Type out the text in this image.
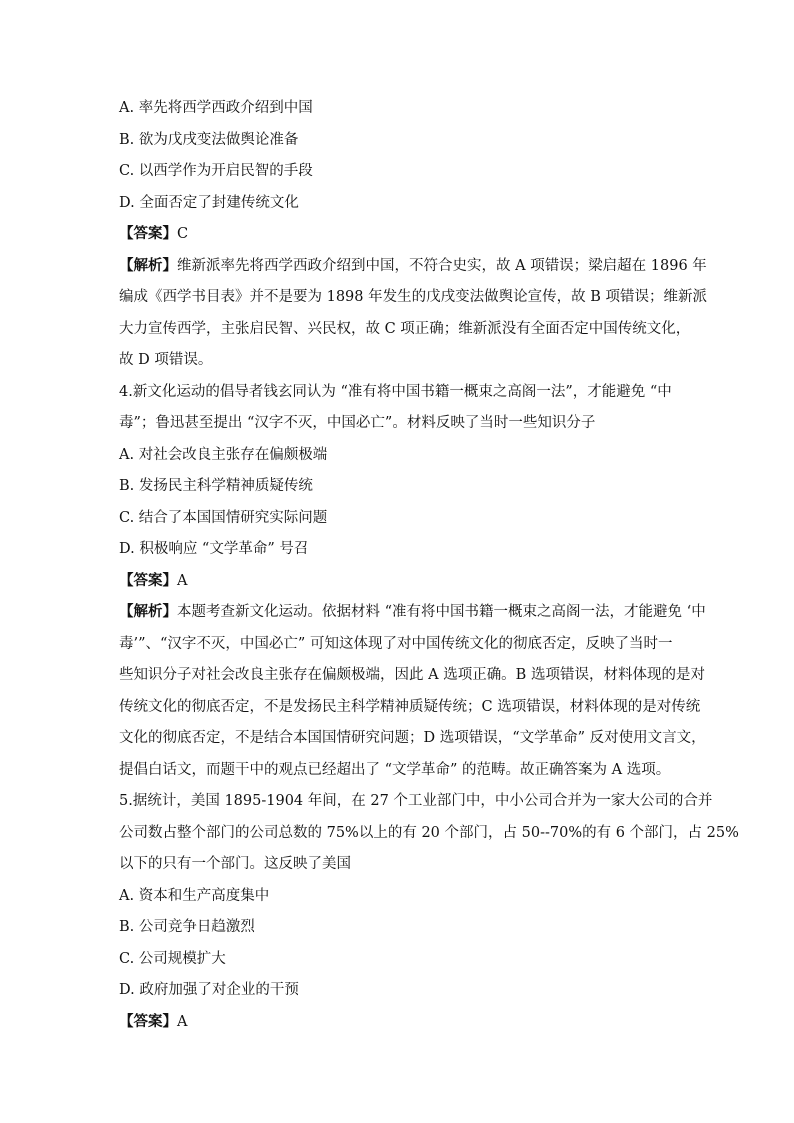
A. 率先将西学西政介绍到中国

B. 欲为戊戌变法做舆论准备

C. 以西学作为开启民智的手段

D. 全面否定了封建传统文化

【答案】C

【解析】维新派率先将西学西政介绍到中国，不符合史实，故 A 项错误；梁启超在 1896 年

编成《西学书目表》并不是要为 1898 年发生的戊戌变法做舆论宣传，故 B 项错误；维新派

大力宣传西学，主张启民智、兴民权，故 C 项正确；维新派没有全面否定中国传统文化，

故 D 项错误。

4.新文化运动的倡导者钱玄同认为 “准有将中国书籍一概束之高阁一法”，才能避免 “中

毒”；鲁迅甚至提出 “汉字不灭，中国必亡”。材料反映了当时一些知识分子

A. 对社会改良主张存在偏颇极端

B. 发扬民主科学精神质疑传统

C. 结合了本国国情研究实际问题

D. 积极响应 “文学革命” 号召

【答案】A

【解析】本题考查新文化运动。依据材料 “准有将中国书籍一概束之高阁一法，才能避免 ‘中

毒’”、“汉字不灭，中国必亡” 可知这体现了对中国传统文化的彻底否定，反映了当时一

些知识分子对社会改良主张存在偏颇极端，因此 A 选项正确。B 选项错误，材料体现的是对

传统文化的彻底否定，不是发扬民主科学精神质疑传统；C 选项错误，材料体现的是对传统

文化的彻底否定，不是结合本国国情研究问题；D 选项错误，“文学革命” 反对使用文言文，

提倡白话文，而题干中的观点已经超出了 “文学革命” 的范畴。故正确答案为 A 选项。

5.据统计，美国 1895-1904 年间，在 27 个工业部门中，中小公司合并为一家大公司的合并

公司数占整个部门的公司总数的 75%以上的有 20 个部门，占 50--70%的有 6 个部门，占 25%

以下的只有一个部门。这反映了美国

A. 资本和生产高度集中

B. 公司竞争日趋激烈

C. 公司规模扩大

D. 政府加强了对企业的干预

【答案】A
